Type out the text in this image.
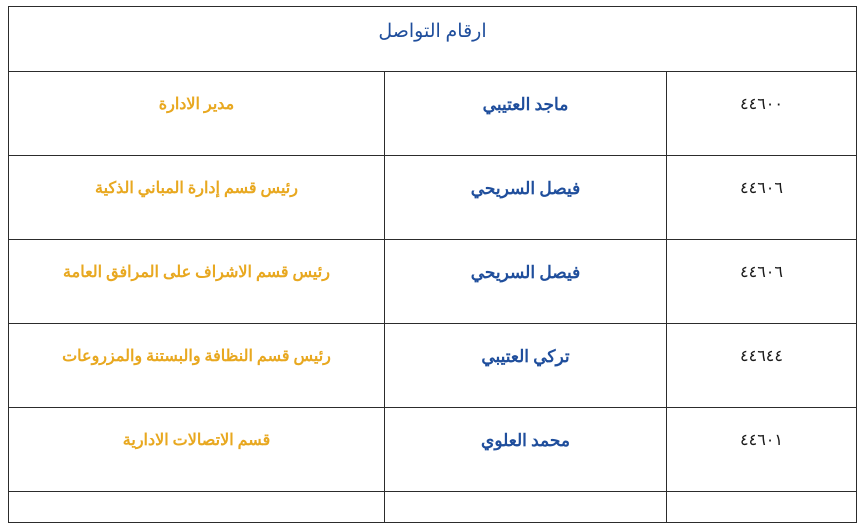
ارقام التواصل		

٤٤٦٠٠	ماجد العتيبي	مدير الادارة

٤٤٦٠٦	فيصل السريحي	رئيس قسم إدارة المباني الذكية

٤٤٦٠٦	فيصل السريحي	رئيس قسم الاشراف على المرافق العامة

٤٤٦٤٤	تركي العتيبي	رئيس قسم النظافة والبستنة والمزروعات

٤٤٦٠١	محمد العلوي	قسم الاتصالات الادارية
